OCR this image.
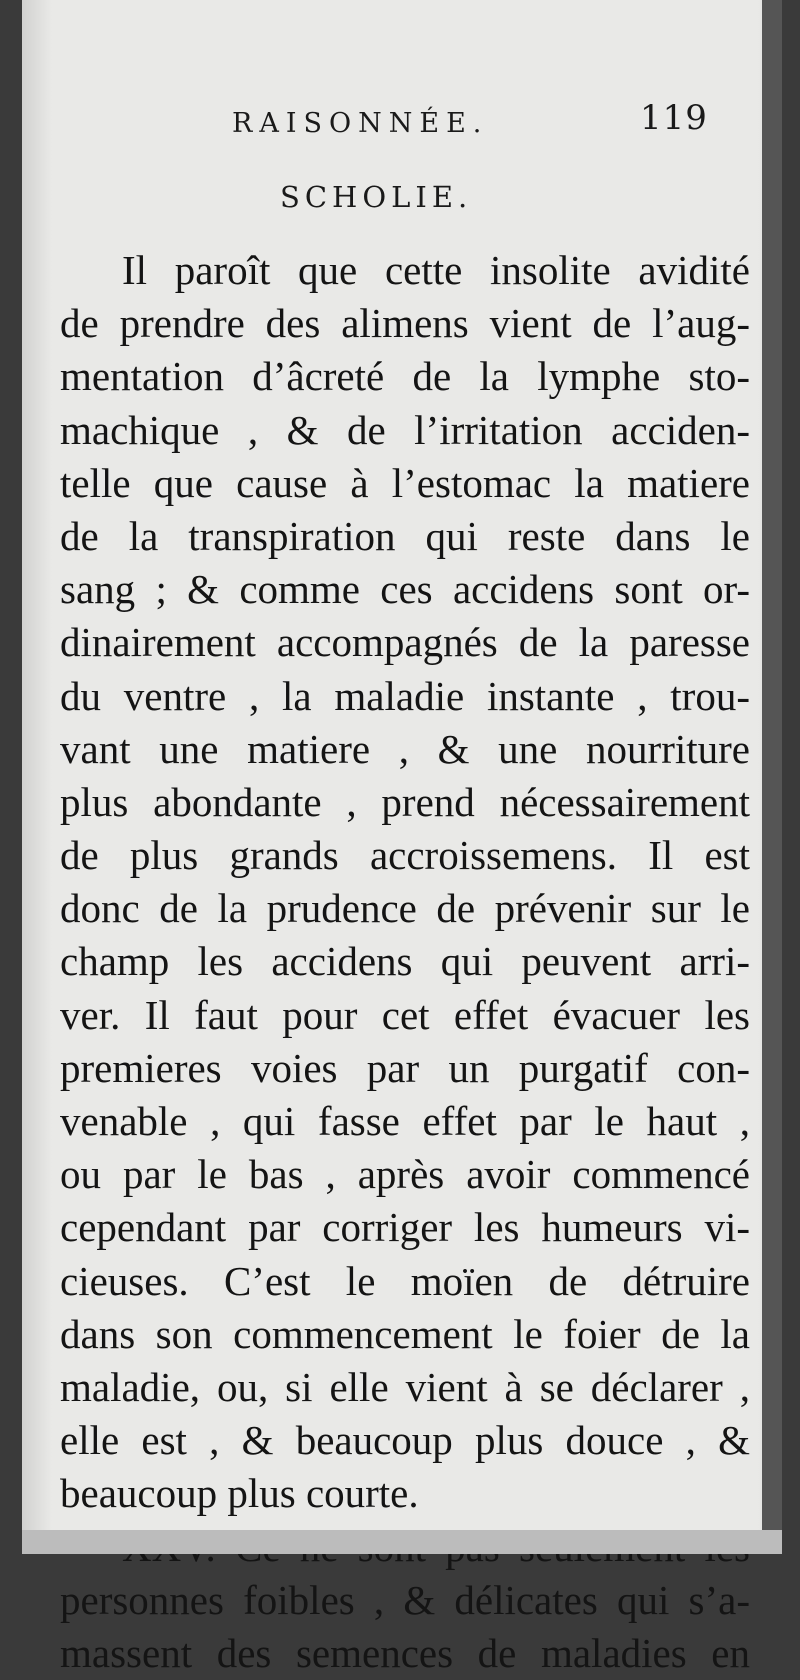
RAISONNÉE.	119
SCHOLIE.
Il paroît que cette insolite avidité
de prendre des alimens vient de l’aug-
mentation d’âcreté de la lymphe sto-
machique , & de l’irritation acciden-
telle que cause à l’estomac la matiere
de la transpiration qui reste dans le
sang ; & comme ces accidens sont or-
dinairement accompagnés de la paresse
du ventre , la maladie instante , trou-
vant une matiere , & une nourriture
plus abondante , prend nécessairement
de plus grands accroissemens. Il est
donc de la prudence de prévenir sur le
champ les accidens qui peuvent arri-
ver. Il faut pour cet effet évacuer les
premieres voies par un purgatif con-
venable , qui fasse effet par le haut ,
ou par le bas , après avoir commencé
cependant par corriger les humeurs vi-
cieuses. C’est le moïen de détruire
dans son commencement le foier de la
maladie, ou, si elle vient à se déclarer ,
elle est , & beaucoup plus douce , &
beaucoup plus courte.
personnes foibles , & délicates qui s’a-
massent des semences de maladies en
